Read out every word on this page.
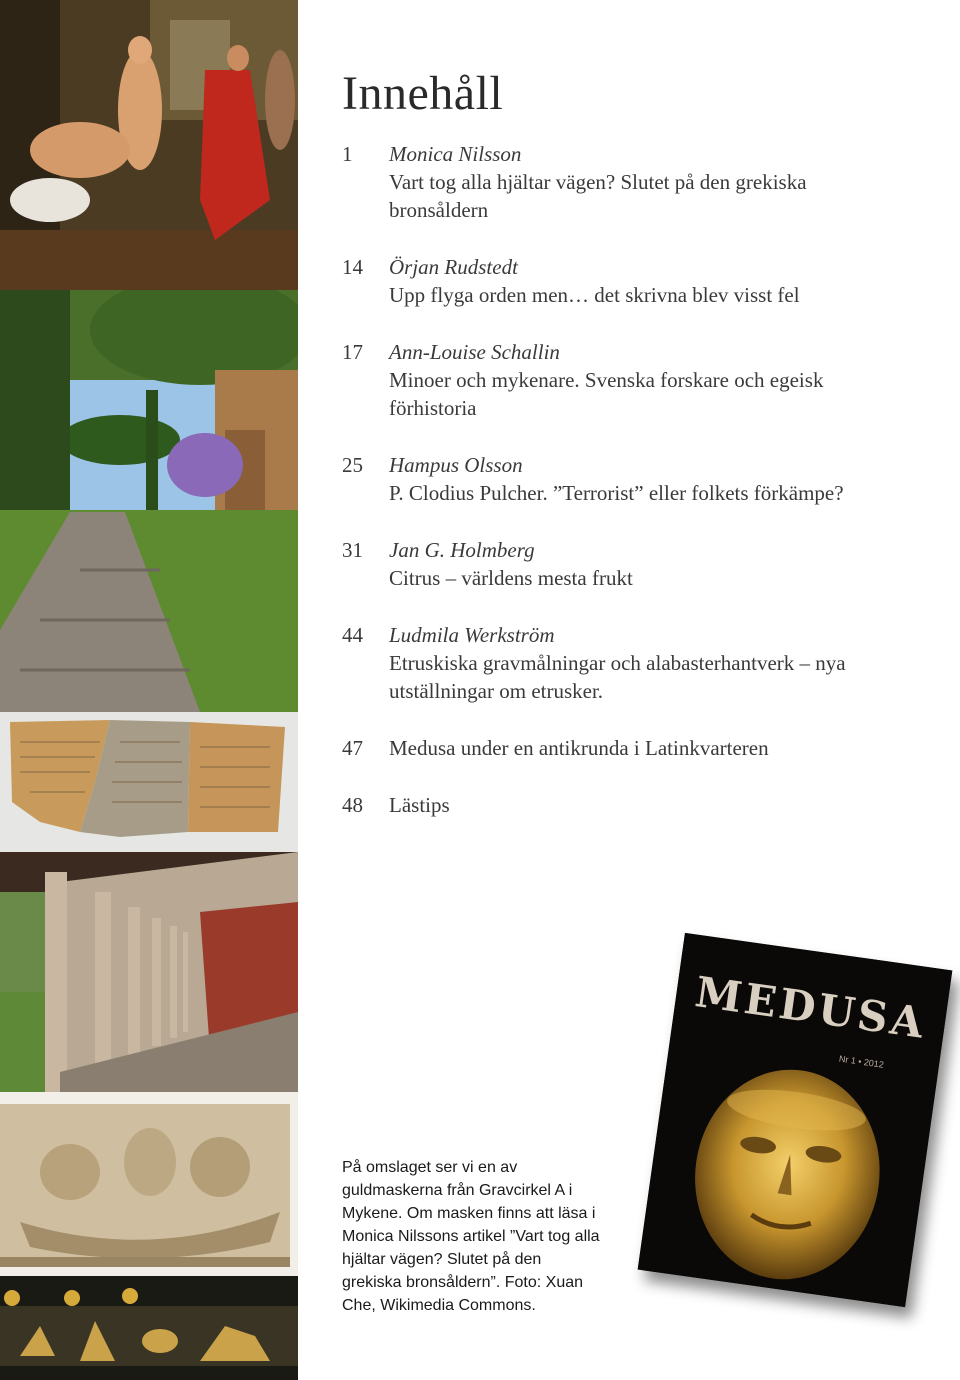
Innehåll
1	Monica Nilsson
Vart tog alla hjältar vägen? Slutet på den grekiska bronsåldern
14	Örjan Rudstedt
Upp flyga orden men… det skrivna blev visst fel
17	Ann-Louise Schallin
Minoer och mykenare. Svenska forskare och egeisk förhistoria
25	Hampus Olsson
P. Clodius Pulcher. ”Terrorist” eller folkets förkämpe?
31	Jan G. Holmberg
Citrus – världens mesta frukt
44	Ludmila Werkström
Etruskiska gravmålningar och alabasterhantverk – nya utställningar om etrusker.
47	Medusa under en antikrunda i Latinkvarteren
48	Lästips
MEDUSA
Nr 1 • 2012

På omslaget ser vi en av guldmaskerna från Gravcirkel A i Mykene. Om masken finns att läsa i Monica Nilssons artikel ”Vart tog alla hjältar vägen? Slutet på den grekiska bronsåldern”. Foto: Xuan Che, Wikimedia Commons.
